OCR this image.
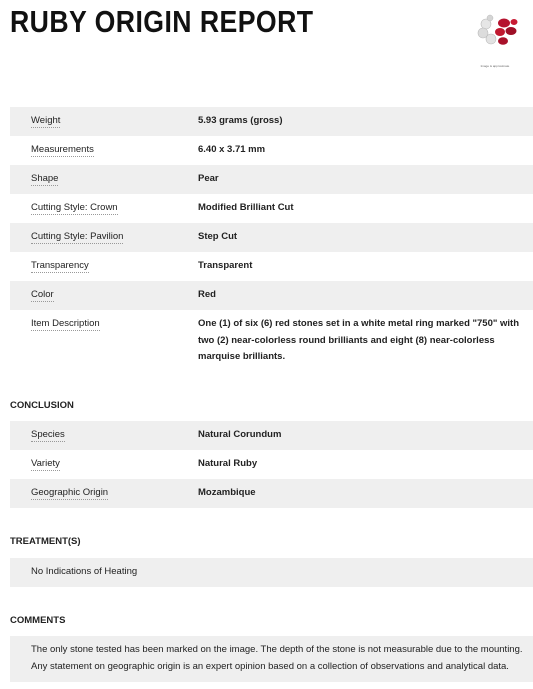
RUBY ORIGIN REPORT
Image is approximate
Weight	5.93 grams (gross)
Measurements	6.40 x 3.71 mm
Shape	Pear
Cutting Style: Crown	Modified Brilliant Cut
Cutting Style: Pavilion	Step Cut
Transparency	Transparent
Color	Red
Item Description	One (1) of six (6) red stones set in a white metal ring marked "750" with two (2) near-colorless round brilliants and eight (8) near-colorless marquise brilliants.
CONCLUSION
Species	Natural Corundum
Variety	Natural Ruby
Geographic Origin	Mozambique
TREATMENT(S)
No Indications of Heating
COMMENTS
The only stone tested has been marked on the image. The depth of the stone is not measurable due to the mounting. Any statement on geographic origin is an expert opinion based on a collection of observations and analytical data.
